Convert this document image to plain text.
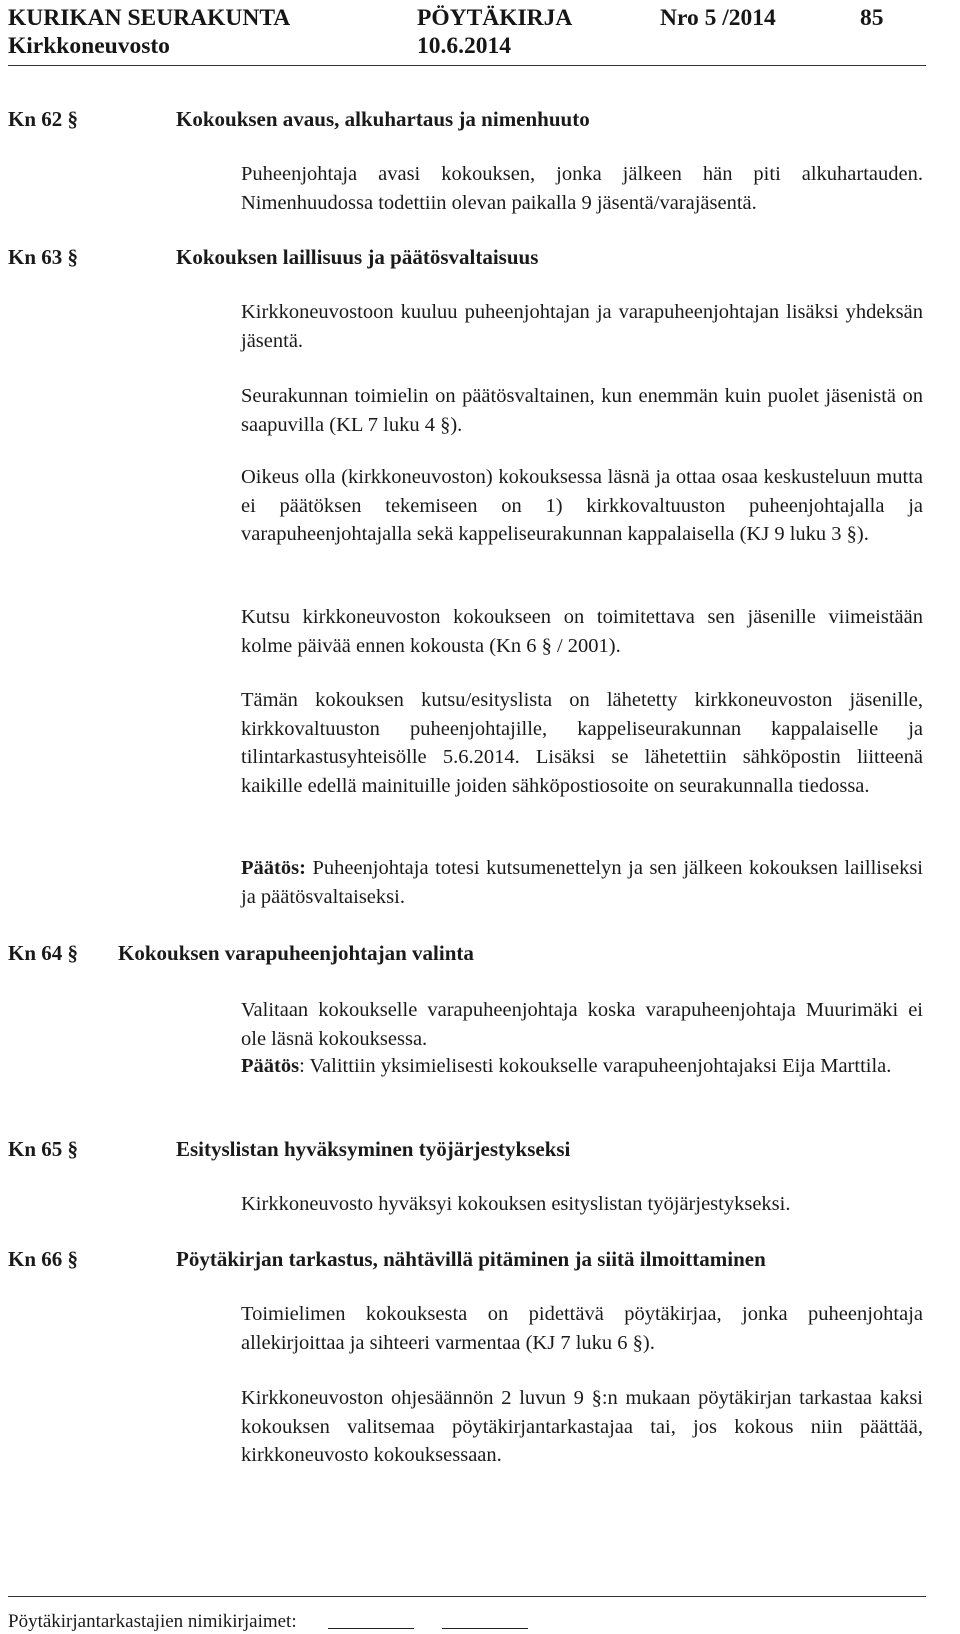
KURIKAN SEURAKUNTA	PÖYTÄKIRJA	Nro 5 /2014	85
Kirkkoneuvosto	10.6.2014
Kn 62 §	Kokouksen avaus, alkuhartaus ja nimenhuuto
Puheenjohtaja avasi kokouksen, jonka jälkeen hän piti alkuhartauden. Nimenhuudossa todettiin olevan paikalla 9 jäsentä/varajäsentä.
Kn 63 §	Kokouksen laillisuus ja päätösvaltaisuus
Kirkkoneuvostoon kuuluu puheenjohtajan ja varapuheenjohtajan lisäksi yhdeksän jäsentä.
Seurakunnan toimielin on päätösvaltainen, kun enemmän kuin puolet jäsenistä on saapuvilla (KL 7 luku 4 §).
Oikeus olla (kirkkoneuvoston) kokouksessa läsnä ja ottaa osaa keskusteluun mutta ei päätöksen tekemiseen on 1) kirkkovaltuuston puheenjohtajalla ja varapuheenjohtajalla sekä kappeliseurakunnan kappalaisella (KJ 9 luku 3 §).
Kutsu kirkkoneuvoston kokoukseen on toimitettava sen jäsenille viimeistään kolme päivää ennen kokousta (Kn 6 § / 2001).
Tämän kokouksen kutsu/esityslista on lähetetty kirkkoneuvoston jäsenille, kirkkovaltuuston puheenjohtajille, kappeliseurakunnan kappalaiselle ja tilintarkastusyhteisölle 5.6.2014. Lisäksi se lähetettiin sähköpostin liitteenä kaikille edellä mainituille joiden sähköpostiosoite on seurakunnalla tiedossa.
Päätös: Puheenjohtaja totesi kutsumenettelyn ja sen jälkeen kokouksen lailliseksi ja päätösvaltaiseksi.
Kn 64 § Kokouksen varapuheenjohtajan valinta
Valitaan kokoukselle varapuheenjohtaja koska varapuheenjohtaja Muurimäki ei ole läsnä kokouksessa.
Päätös: Valittiin yksimielisesti kokoukselle varapuheenjohtajaksi Eija Marttila.
Kn 65 §	Esityslistan hyväksyminen työjärjestykseksi
Kirkkoneuvosto hyväksyi kokouksen esityslistan työjärjestykseksi.
Kn 66 §	Pöytäkirjan tarkastus, nähtävillä pitäminen ja siitä ilmoittaminen
Toimielimen kokouksesta on pidettävä pöytäkirjaa, jonka puheenjohtaja allekirjoittaa ja sihteeri varmentaa (KJ 7 luku 6 §).
Kirkkoneuvoston ohjesäännön 2 luvun 9 §:n mukaan pöytäkirjan tarkastaa kaksi kokouksen valitsemaa pöytäkirjantarkastajaa tai, jos kokous niin päättää, kirkkoneuvosto kokouksessaan.
Pöytäkirjantarkastajien nimikirjaimet:
